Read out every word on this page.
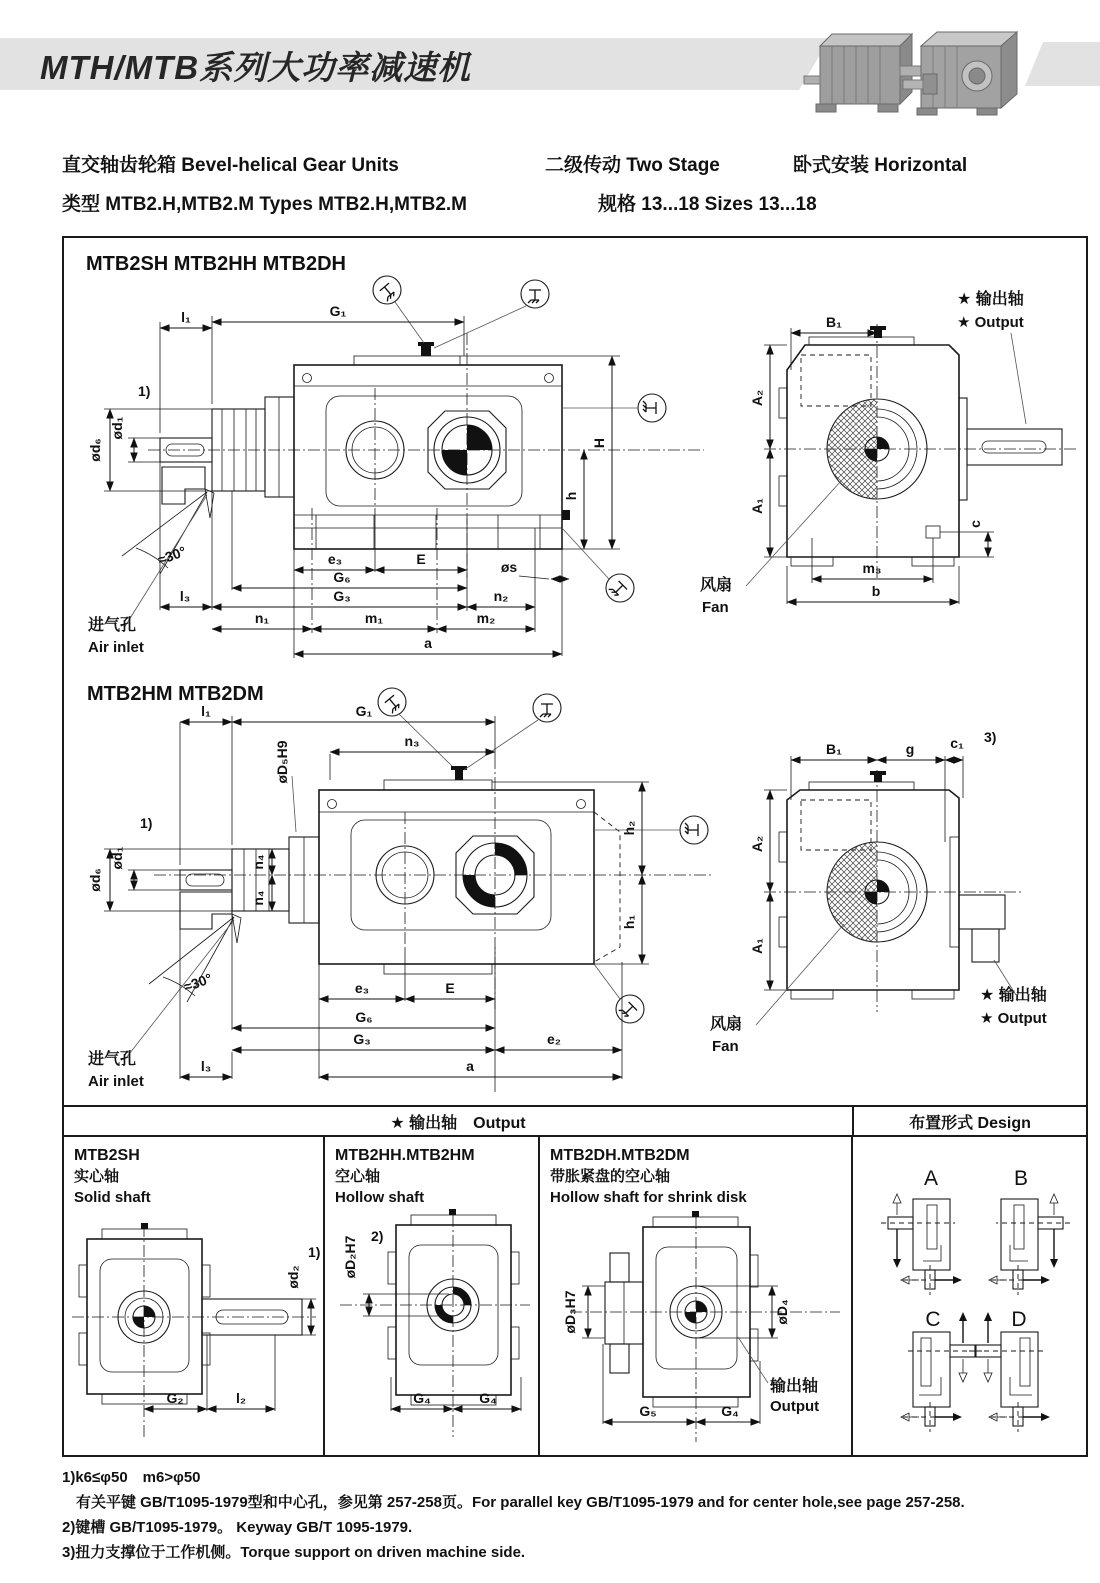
MTH/MTB系列大功率减速机
直交轴齿轮箱 Bevel-helical Gear Units	二级传动 Two Stage	卧式安装 Horizontal
类型 MTB2.H,MTB2.M Types MTB2.H,MTB2.M	规格 13...18 Sizes 13...18
MTB2SH MTB2HH MTB2DH
≈30°
进气孔
Air inlet
l₁	G₁
ød₁
1)
ød₆	H
h
e₃	E	øs
G₆
G₃
l₃	n₂
n₁	m₁	m₂
a
B₁
A₂
A₁
c
m₃
b
风扇
Fan
★ 输出轴
★ Output
MTB2HM MTB2DM
n₄
n₄
øD₅H9
≈30°
进气孔
Air inlet
l₁	G₁
n₃
ød₁
1)
ød₆
e₃	E
G₆
G₃	e₂
l₃	a
h₂
h₁
B₁	g	c₁ 3)
A₂
A₁
风扇
Fan
★ 输出轴
★ Output
★ 输出轴　Output	布置形式 Design
MTB2SH
实心轴
Solid shaft
ød₂
1)
G₂	l₂
MTB2HH.MTB2HM
空心轴
Hollow shaft
øD₂H7 2)
G₄	G₄
MTB2DH.MTB2DM
带胀紧盘的空心轴
Hollow shaft for shrink disk
øD₃H7	øD₄
G₅	G₄
输出轴
Output
A	B
C	D
1)k6≤φ50　m6>φ50
有关平键 GB/T1095-1979型和中心孔，参见第 257-258页。For parallel key GB/T1095-1979 and for center hole,see page 257-258.
2)键槽 GB/T1095-1979。 Keyway GB/T 1095-1979.
3)扭力支撑位于工作机侧。Torque support on driven machine side.
